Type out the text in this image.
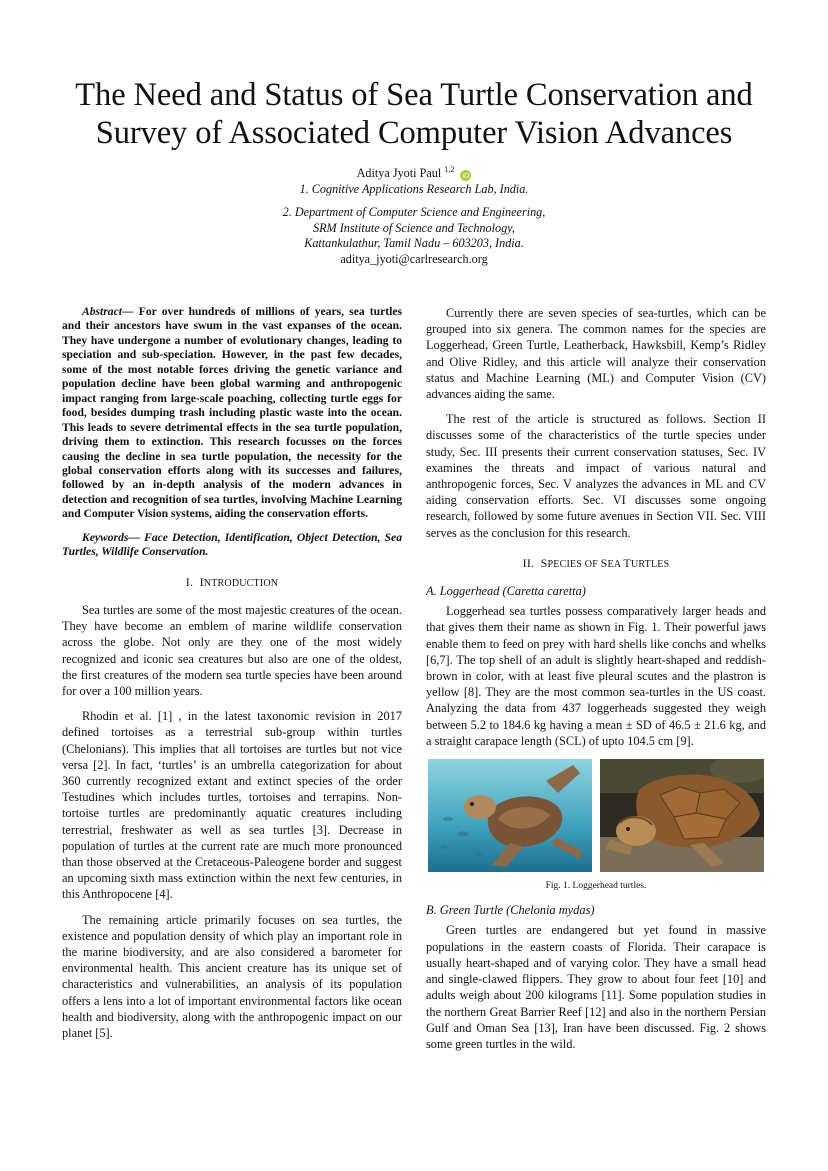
The Need and Status of Sea Turtle Conservation and Survey of Associated Computer Vision Advances
Aditya Jyoti Paul $^{1,2}$ iD
1. Cognitive Applications Research Lab, India.
2. Department of Computer Science and Engineering,
SRM Institute of Science and Technology,
Kattankulathur, Tamil Nadu – 603203, India.
aditya_jyoti@carlresearch.org

Abstract— For over hundreds of millions of years, sea turtles and their ancestors have swum in the vast expanses of the ocean. They have undergone a number of evolutionary changes, leading to speciation and sub-speciation. However, in the past few decades, some of the most notable forces driving the genetic variance and population decline have been global warming and anthropogenic impact ranging from large-scale poaching, collecting turtle eggs for food, besides dumping trash including plastic waste into the ocean. This leads to severe detrimental effects in the sea turtle population, driving them to extinction. This research focusses on the forces causing the decline in sea turtle population, the necessity for the global conservation efforts along with its successes and failures, followed by an in-depth analysis of the modern advances in detection and recognition of sea turtles, involving Machine Learning and Computer Vision systems, aiding the conservation efforts.

Keywords— Face Detection, Identification, Object Detection, Sea Turtles, Wildlife Conservation.

I. INTRODUCTION

Sea turtles are some of the most majestic creatures of the ocean. They have become an emblem of marine wildlife conservation across the globe. Not only are they one of the most widely recognized and iconic sea creatures but also are one of the oldest, the first creatures of the modern sea turtle species have been around for over a 100 million years.

Rhodin et al. [1] , in the latest taxonomic revision in 2017 defined tortoises as a terrestrial sub-group within turtles (Chelonians). This implies that all tortoises are turtles but not vice versa [2]. In fact, ‘turtles’ is an umbrella categorization for about 360 currently recognized extant and extinct species of the order Testudines which includes turtles, tortoises and terrapins. Non-tortoise turtles are predominantly aquatic creatures including terrestrial, freshwater as well as sea turtles [3]. Decrease in population of turtles at the current rate are much more pronounced than those observed at the Cretaceous-Paleogene border and suggest an upcoming sixth mass extinction within the next few centuries, in this Anthropocene [4].

The remaining article primarily focuses on sea turtles, the existence and population density of which play an important role in the marine biodiversity, and are also considered a barometer for environmental health. This ancient creature has its unique set of characteristics and vulnerabilities, an analysis of its population offers a lens into a lot of important environmental factors like ocean health and biodiversity, along with the anthropogenic impact on our planet [5].

Currently there are seven species of sea-turtles, which can be grouped into six genera. The common names for the species are Loggerhead, Green Turtle, Leatherback, Hawksbill, Kemp’s Ridley and Olive Ridley, and this article will analyze their conservation status and Machine Learning (ML) and Computer Vision (CV) advances aiding the same.

The rest of the article is structured as follows. Section II discusses some of the characteristics of the turtle species under study, Sec. III presents their current conservation statuses, Sec. IV examines the threats and impact of various natural and anthropogenic forces, Sec. V analyzes the advances in ML and CV aiding conservation efforts. Sec. VI discusses some ongoing research, followed by some future avenues in Section VII. Sec. VIII serves as the conclusion for this research.

II. SPECIES OF SEA TURTLES
A. Loggerhead (Caretta caretta)

Loggerhead sea turtles possess comparatively larger heads and that gives them their name as shown in Fig. 1. Their powerful jaws enable them to feed on prey with hard shells like conchs and whelks [6,7]. The top shell of an adult is slightly heart-shaped and reddish-brown in color, with at least five pleural scutes and the plastron is yellow [8]. They are the most common sea-turtles in the US coast. Analyzing the data from 437 loggerheads suggested they weigh between 5.2 to 184.6 kg having a mean ± SD of 46.5 ± 21.6 kg, and a straight carapace length (SCL) of upto 104.5 cm [9].

Fig. 1. Loggerhead turtles.
B. Green Turtle (Chelonia mydas)

Green turtles are endangered but yet found in massive populations in the eastern coasts of Florida. Their carapace is usually heart-shaped and of varying color. They have a small head and single-clawed flippers. They grow to about four feet [10] and adults weigh about 200 kilograms [11]. Some population studies in the northern Great Barrier Reef [12] and also in the northern Persian Gulf and Oman Sea [13], Iran have been discussed. Fig. 2 shows some green turtles in the wild.
